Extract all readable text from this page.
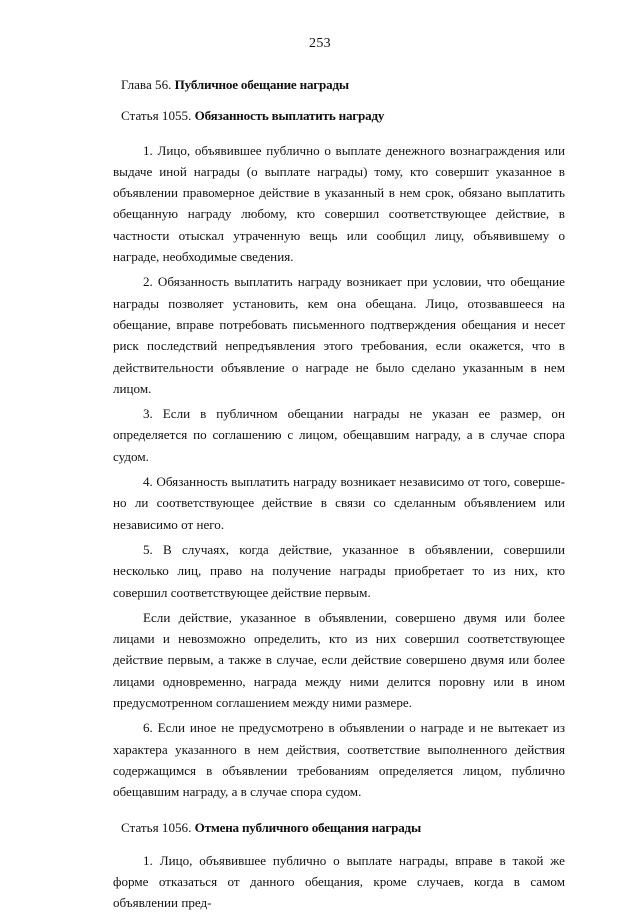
253
Глава 56. Публичное обещание награды
Статья 1055. Обязанность выплатить награду

1. Лицо, объявившее публично о выплате денежного вознаграждения или выдаче иной награды (о выплате награды) тому, кто совершит указанное в объявлении правомерное действие в указанный в нем срок, обязано выплатить обещанную награду любому, кто совершил соответствующее действие, в частности отыскал утраченную вещь или сообщил лицу, объявившему о награде, необходимые сведения.

2. Обязанность выплатить награду возникает при условии, что обещание награды позволяет установить, кем она обещана. Лицо, отозвавшееся на обещание, вправе потребовать письменного подтверждения обещания и несет риск последствий непредъявления этого требования, если окажется, что в действительности объявление о награде не было сделано указанным в нем лицом.

3. Если в публичном обещании награды не указан ее размер, он определяется по соглашению с лицом, обещавшим награду, а в случае спора судом.

4. Обязанность выплатить награду возникает независимо от того, совершено ли соответствующее действие в связи со сделанным объявлением или независимо от него.

5. В случаях, когда действие, указанное в объявлении, совершили несколько лиц, право на получение награды приобретает то из них, кто совершил соответствующее действие первым.

Если действие, указанное в объявлении, совершено двумя или более лицами и невозможно определить, кто из них совершил соответствующее действие первым, а также в случае, если действие совершено двумя или более лицами одновременно, награда между ними делится поровну или в ином предусмотренном соглашением между ними размере.

6. Если иное не предусмотрено в объявлении о награде и не вытекает из характера указанного в нем действия, соответствие выполненного действия содержащимся в объявлении требованиям определяется лицом, публично обещавшим награду, а в случае спора судом.

Статья 1056. Отмена публичного обещания награды

1. Лицо, объявившее публично о выплате награды, вправе в такой же форме отказаться от данного обещания, кроме случаев, когда в самом объявлении пред-
